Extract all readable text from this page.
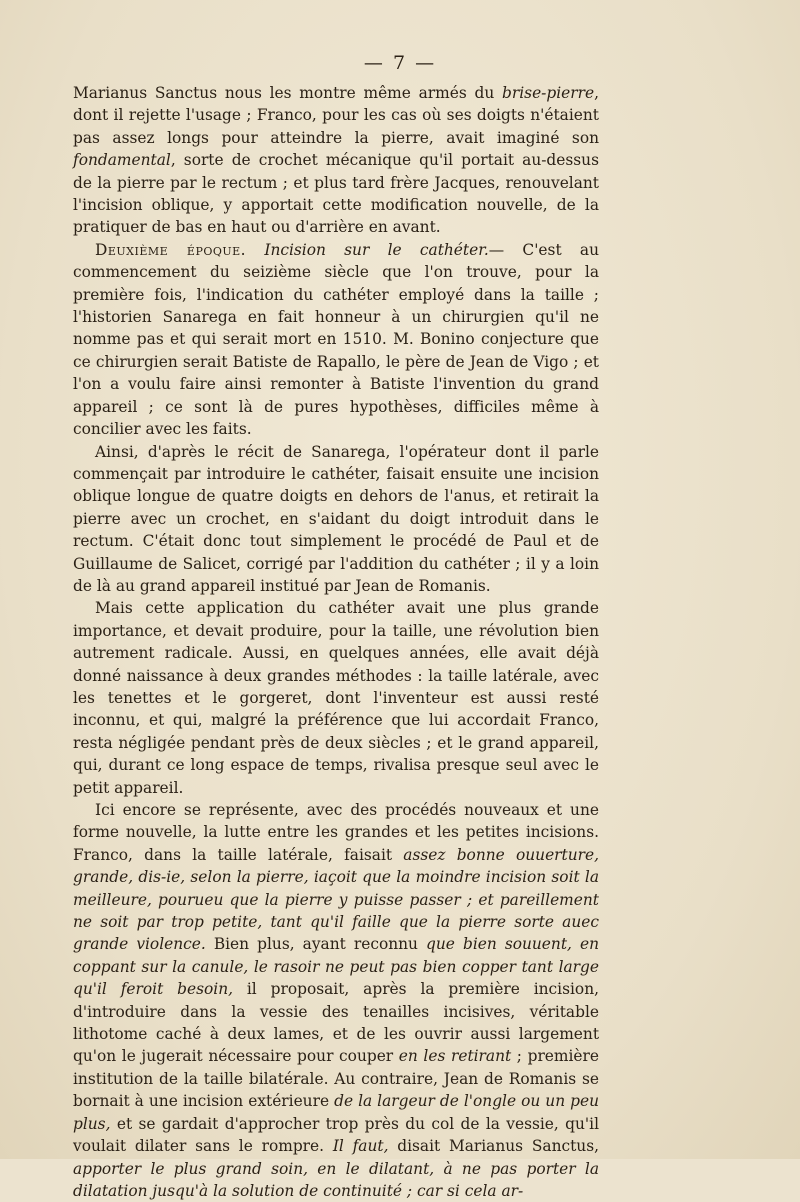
— 7 —

Marianus Sanctus nous les montre même armés du brise-pierre, dont il rejette l'usage ; Franco, pour les cas où ses doigts n'étaient pas assez longs pour atteindre la pierre, avait imaginé son fondamental, sorte de crochet mécanique qu'il portait au-dessus de la pierre par le rectum ; et plus tard frère Jacques, renouvelant l'incision oblique, y apportait cette modification nouvelle, de la pratiquer de bas en haut ou d'arrière en avant.

Deuxième époque. Incision sur le cathéter.— C'est au commencement du seizième siècle que l'on trouve, pour la première fois, l'indication du cathéter employé dans la taille ; l'historien Sanarega en fait honneur à un chirurgien qu'il ne nomme pas et qui serait mort en 1510. M. Bonino conjecture que ce chirurgien serait Batiste de Rapallo, le père de Jean de Vigo ; et l'on a voulu faire ainsi remonter à Batiste l'invention du grand appareil ; ce sont là de pures hypothèses, difficiles même à concilier avec les faits.

Ainsi, d'après le récit de Sanarega, l'opérateur dont il parle commençait par introduire le cathéter, faisait ensuite une incision oblique longue de quatre doigts en dehors de l'anus, et retirait la pierre avec un crochet, en s'aidant du doigt introduit dans le rectum. C'était donc tout simplement le procédé de Paul et de Guillaume de Salicet, corrigé par l'addition du cathéter ; il y a loin de là au grand appareil institué par Jean de Romanis.

Mais cette application du cathéter avait une plus grande importance, et devait produire, pour la taille, une révolution bien autrement radicale. Aussi, en quelques années, elle avait déjà donné naissance à deux grandes méthodes : la taille latérale, avec les tenettes et le gorgeret, dont l'inventeur est aussi resté inconnu, et qui, malgré la préférence que lui accordait Franco, resta négligée pendant près de deux siècles ; et le grand appareil, qui, durant ce long espace de temps, rivalisa presque seul avec le petit appareil.

Ici encore se représente, avec des procédés nouveaux et une forme nouvelle, la lutte entre les grandes et les petites incisions. Franco, dans la taille latérale, faisait assez bonne ouuerture, grande, dis-ie, selon la pierre, iaçoit que la moindre incision soit la meilleure, pourueu que la pierre y puisse passer ; et pareillement ne soit par trop petite, tant qu'il faille que la pierre sorte auec grande violence. Bien plus, ayant reconnu que bien souuent, en coppant sur la canule, le rasoir ne peut pas bien copper tant large qu'il feroit besoin, il proposait, après la première incision, d'introduire dans la vessie des tenailles incisives, véritable lithotome caché à deux lames, et de les ouvrir aussi largement qu'on le jugerait nécessaire pour couper en les retirant ; première institution de la taille bilatérale. Au contraire, Jean de Romanis se bornait à une incision extérieure de la largeur de l'ongle ou un peu plus, et se gardait d'approcher trop près du col de la vessie, qu'il voulait dilater sans le rompre. Il faut, disait Marianus Sanctus, apporter le plus grand soin, en le dilatant, à ne pas porter la dilatation jusqu'à la solution de continuité ; car si cela ar-
